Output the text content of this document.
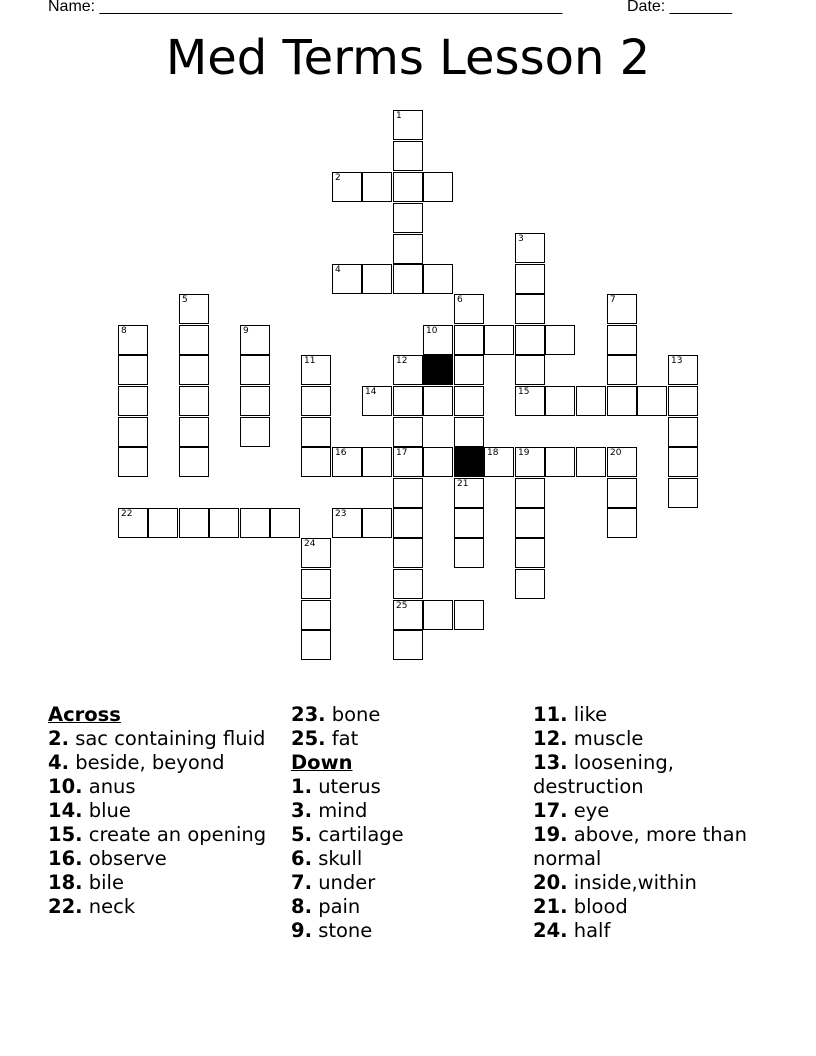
Name: ____________________________________________________	Date: _______
Med Terms Lesson 2
1
2
4
3
15
5
8	9
6
10
7
11	12
14
13
16	17	18 19	20
21
25
22	23
24
Across
2. sac containing fluid
4. beside, beyond
10. anus
14. blue
15. create an opening
16. observe
18. bile
22. neck
23. bone
25. fat
Down
1. uterus
3. mind
5. cartilage
6. skull
7. under
8. pain
9. stone
11. like
12. muscle
13. loosening, destruction
17. eye
19. above, more than normal
20. inside,within
21. blood
24. half
